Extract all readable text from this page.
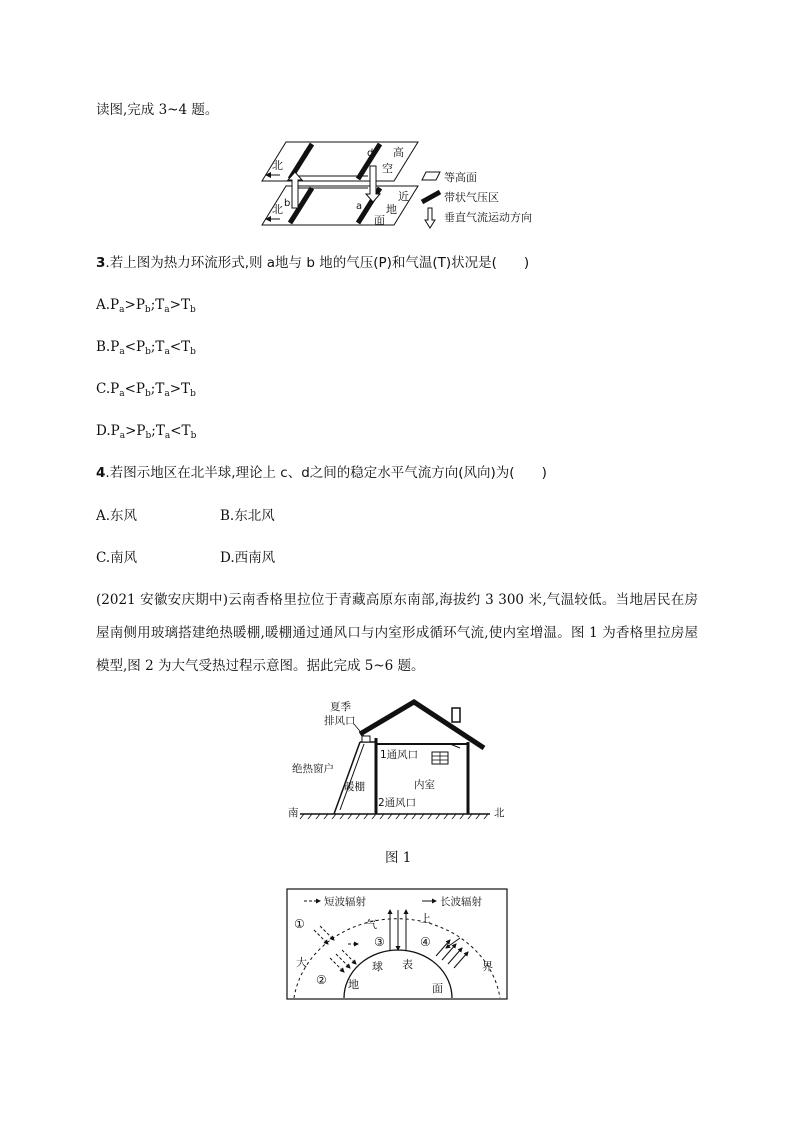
读图,完成 3~4 题。
北
c	d 高
空
北 b	a
近
地
面
等高面
带状气压区
垂直气流运动方向
3.若上图为热力环流形式,则 a地与 b 地的气压(P)和气温(T)状况是(　　)
$A.P_a>P_b;T_a>T_b$
$B.P_a<P_b;T_a<T_b$
$C.P_a<P_b;T_a>T_b$
$D.P_a>P_b;T_a<T_b$
4.若图示地区在北半球,理论上 c、d之间的稳定水平气流方向(风向)为(　　)
A.东风	B.东北风
C.南风	D.西南风
(2021 安徽安庆期中)云南香格里拉位于青藏高原东南部,海拔约 3 300 米,气温较低。当地居民在房屋南侧用玻璃搭建绝热暖棚,暖棚通过通风口与内室形成循环气流,使内室增温。图 1 为香格里拉房屋模型,图 2 为大气受热过程示意图。据此完成 5~6 题。
夏季
排风口
1通风口
绝热窗户
内室
暖棚
2通风口
南	北
图 1
短波辐射	长波辐射
①
②
③	④
气	上
大	界
球 表
地	面
